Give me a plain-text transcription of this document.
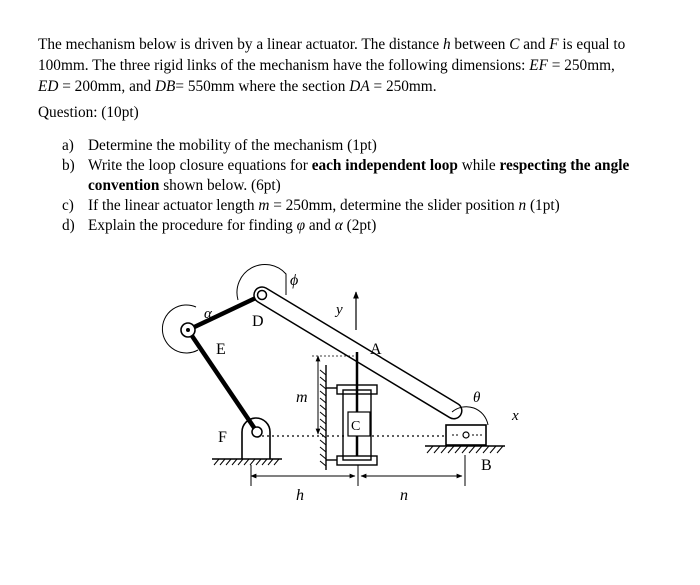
The mechanism below is driven by a linear actuator. The distance h between C and F is equal to

100mm. The three rigid links of the mechanism have the following dimensions: EF = 250mm,

ED = 200mm, and DB= 550mm where the section DA = 250mm.

Question: (10pt)
a) Determine the mobility of the mechanism (1pt)
b) Write the loop closure equations for each independent loop while respecting the angle convention shown below. (6pt)
c) If the linear actuator length m = 250mm, determine the slider position n (1pt)
d) Explain the procedure for finding φ and α (2pt)
α
ϕ
D
E
y
A
m
C
F
θ
x
B
h	n
